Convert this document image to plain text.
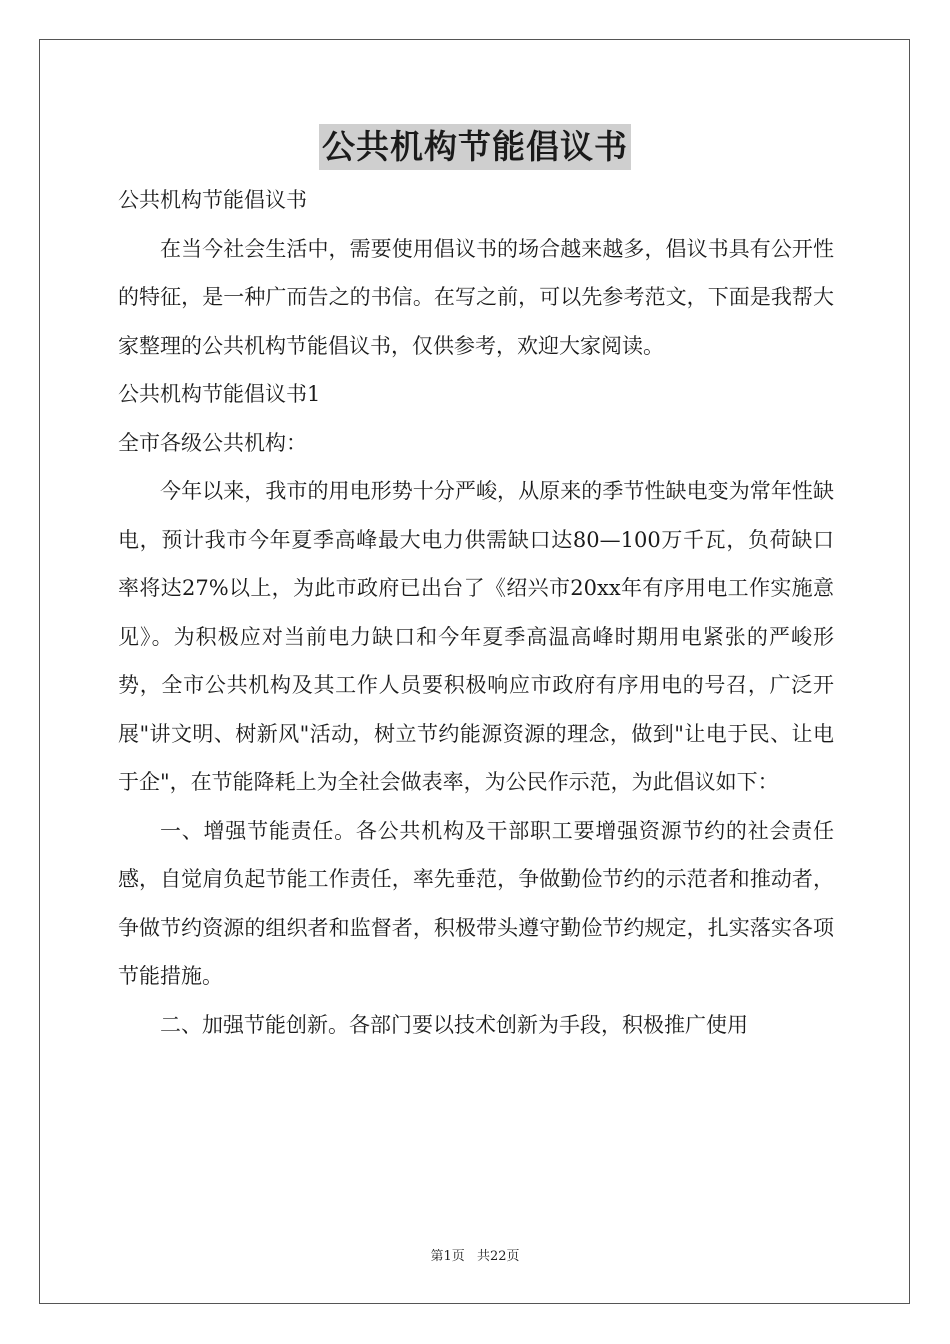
公共机构节能倡议书

公共机构节能倡议书

在当今社会生活中，需要使用倡议书的场合越来越多，倡议书具有公开性的特征，是一种广而告之的书信。在写之前，可以先参考范文，下面是我帮大家整理的公共机构节能倡议书，仅供参考，欢迎大家阅读。

公共机构节能倡议书1

全市各级公共机构：

今年以来，我市的用电形势十分严峻，从原来的季节性缺电变为常年性缺电，预计我市今年夏季高峰最大电力供需缺口达80—100万千瓦，负荷缺口率将达27%以上，为此市政府已出台了《绍兴市20xx年有序用电工作实施意见》。为积极应对当前电力缺口和今年夏季高温高峰时期用电紧张的严峻形势，全市公共机构及其工作人员要积极响应市政府有序用电的号召，广泛开展"讲文明、树新风"活动，树立节约能源资源的理念，做到"让电于民、让电于企"，在节能降耗上为全社会做表率，为公民作示范，为此倡议如下：

一、增强节能责任。各公共机构及干部职工要增强资源节约的社会责任感，自觉肩负起节能工作责任，率先垂范，争做勤俭节约的示范者和推动者，争做节约资源的组织者和监督者，积极带头遵守勤俭节约规定，扎实落实各项节能措施。

二、加强节能创新。各部门要以技术创新为手段，积极推广使用

第1页 共22页
